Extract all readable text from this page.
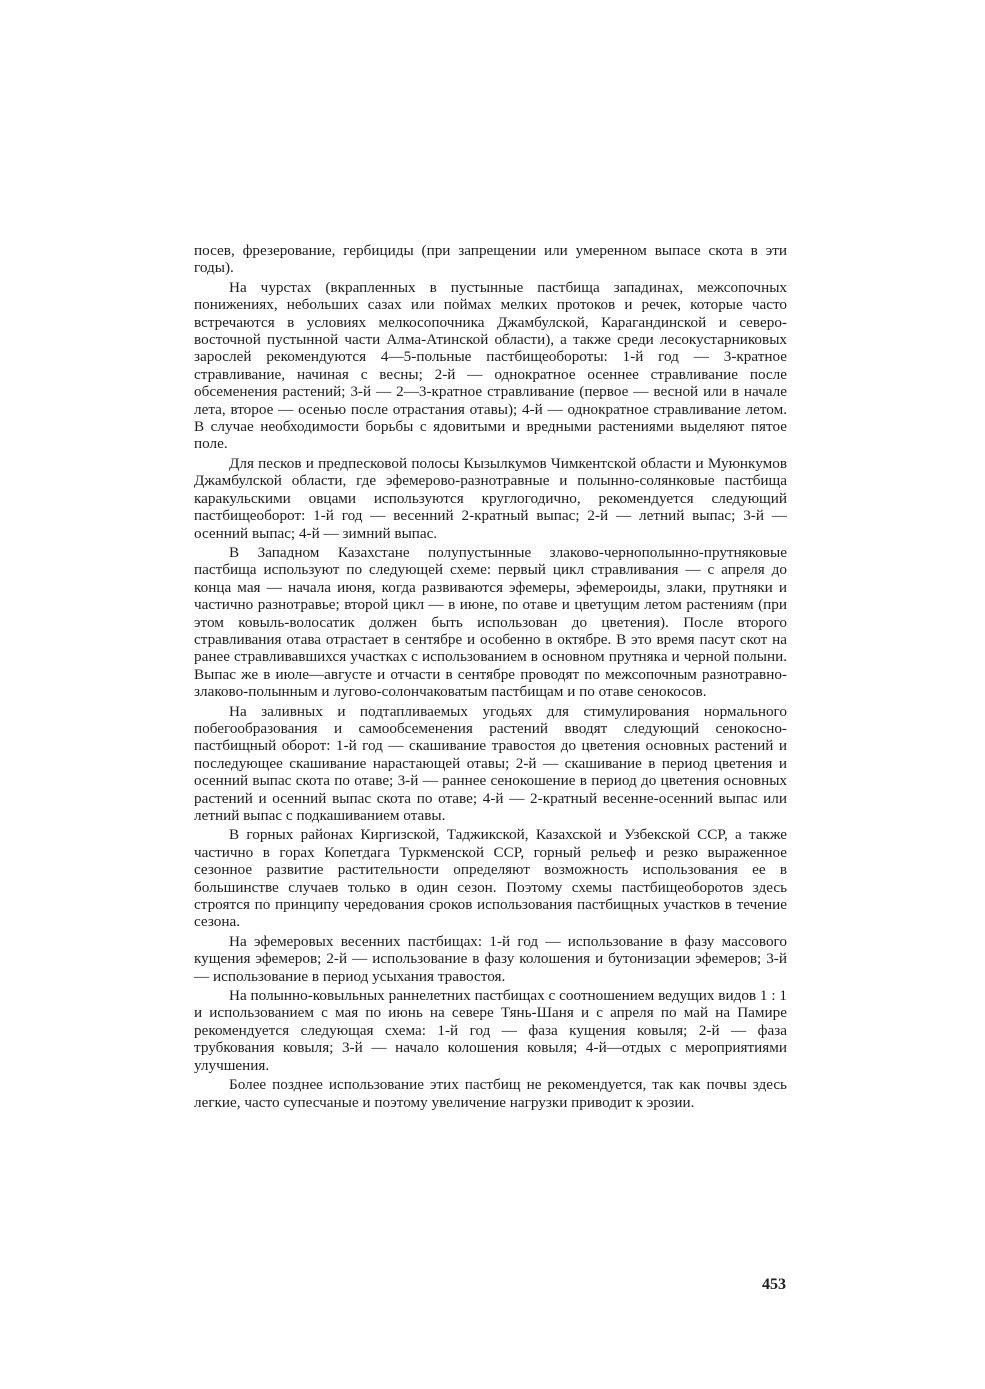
посев, фрезерование, гербициды (при запрещении или умеренном выпасе скота в эти годы).

На чурстах (вкрапленных в пустынные пастбища западинах, межсопочных понижениях, небольших сазах или поймах мелких протоков и речек, которые часто встречаются в условиях мелкосопочника Джамбулской, Карагандинской и северо-восточной пустынной части Алма-Атинской области), а также среди лесокустарниковых зарослей рекомендуются 4—5-польные пастбищеобороты: 1-й год — 3-кратное стравливание, начиная с весны; 2-й — однократное осеннее стравливание после обсеменения растений; 3-й — 2—3-кратное стравливание (первое — весной или в начале лета, второе — осенью после отрастания отавы); 4-й — однократное стравливание летом. В случае необходимости борьбы с ядовитыми и вредными растениями выделяют пятое поле.

Для песков и предпесковой полосы Кызылкумов Чимкентской области и Муюнкумов Джамбулской области, где эфемерово-разнотравные и полынно-солянковые пастбища каракульскими овцами используются круглогодично, рекомендуется следующий пастбищеоборот: 1-й год — весенний 2-кратный выпас; 2-й — летний выпас; 3-й — осенний выпас; 4-й — зимний выпас.

В Западном Казахстане полупустынные злаково-чернополынно-прутняковые пастбища используют по следующей схеме: первый цикл стравливания — с апреля до конца мая — начала июня, когда развиваются эфемеры, эфемероиды, злаки, прутняки и частично разнотравье; второй цикл — в июне, по отаве и цветущим летом растениям (при этом ковыль-волосатик должен быть использован до цветения). После второго стравливания отава отрастает в сентябре и особенно в октябре. В это время пасут скот на ранее стравливавшихся участках с использованием в основном прутняка и черной полыни. Выпас же в июле—августе и отчасти в сентябре проводят по межсопочным разнотравно-злаково-полынным и лугово-солончаковатым пастбищам и по отаве сенокосов.

На заливных и подтапливаемых угодьях для стимулирования нормального побегообразования и самообсеменения растений вводят следующий сенокосно-пастбищный оборот: 1-й год — скашивание травостоя до цветения основных растений и последующее скашивание нарастающей отавы; 2-й — скашивание в период цветения и осенний выпас скота по отаве; 3-й — раннее сенокошение в период до цветения основных растений и осенний выпас скота по отаве; 4-й — 2-кратный весенне-осенний выпас или летний выпас с подкашиванием отавы.

В горных районах Киргизской, Таджикской, Казахской и Узбекской ССР, а также частично в горах Копетдага Туркменской ССР, горный рельеф и резко выраженное сезонное развитие растительности определяют возможность использования ее в большинстве случаев только в один сезон. Поэтому схемы пастбищеоборотов здесь строятся по принципу чередования сроков использования пастбищных участков в течение сезона.

На эфемеровых весенних пастбищах: 1-й год — использование в фазу массового кущения эфемеров; 2-й — использование в фазу колошения и бутонизации эфемеров; 3-й — использование в период усыхания травостоя.

На полынно-ковыльных раннелетних пастбищах с соотношением ведущих видов 1 : 1 и использованием с мая по июнь на севере Тянь-Шаня и с апреля по май на Памире рекомендуется следующая схема: 1-й год — фаза кущения ковыля; 2-й — фаза трубкования ковыля; 3-й — начало колошения ковыля; 4-й—отдых с мероприятиями улучшения.

Более позднее использование этих пастбищ не рекомендуется, так как почвы здесь легкие, часто супесчаные и поэтому увеличение нагрузки приводит к эрозии.

453
